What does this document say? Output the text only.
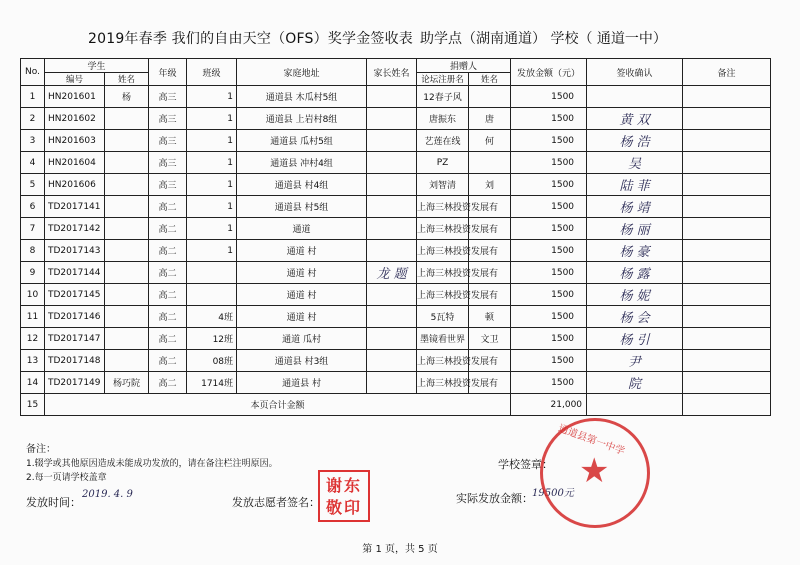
2019年春季 我们的自由天空（OFS）奖学金签收表 助学点（湖南通道） 学校（ 通道一中）
No.	学生		年级	班级	家庭地址	家长姓名	捐赠人		发放金额（元）	签收确认	备注
	编号	姓名					论坛注册名	姓名			
1	HN201601	杨	高三	1	通道县 木瓜村5组		12春子风		1500		
2	HN201602		高三	1	通道县 上岩村8组		唐振东	唐	1500	黄 双	
3	HN201603		高三	1	通道县 瓜村5组		艺莲在线	何	1500	杨 浩	
4	HN201604		高三	1	通道县 冲村4组		PZ		1500	吴	
5	HN201606		高三	1	通道县 村4组		刘智清	刘	1500	陆 菲	
6	TD2017141		高二	1	通道县 村5组		上海三林投资发展有		1500	杨 靖	
7	TD2017142		高二	1	通道		上海三林投资发展有		1500	杨 丽	
8	TD2017143		高二	1	通道 村		上海三林投资发展有		1500	杨 豪	
9	TD2017144		高二		通道 村	龙 题	上海三林投资发展有		1500	杨 露	
10	TD2017145		高二		通道 村		上海三林投资发展有		1500	杨 妮	
11	TD2017146		高二	4班	通道 村		5瓦特	顿	1500	杨 会	
12	TD2017147		高二	12班	通道 瓜村		墨镜看世界	文卫	1500	杨 引	
13	TD2017148		高二	08班	通道县 村3组		上海三林投资发展有		1500	尹	
14	TD2017149	杨巧院	高二	1714班	通道县 村		上海三林投资发展有		1500	院	
15	本页合计金额								21,000		
备注：
1.辍学或其他原因造成未能成功发放的，请在备注栏注明原因。
2.每一页请学校盖章
学校签章：
发放时间：
2019. 4. 9
发放志愿者签名：
谢东敬印	实际发放金额： 19500元
通道县第一中学
★
第 1 页，共 5 页
